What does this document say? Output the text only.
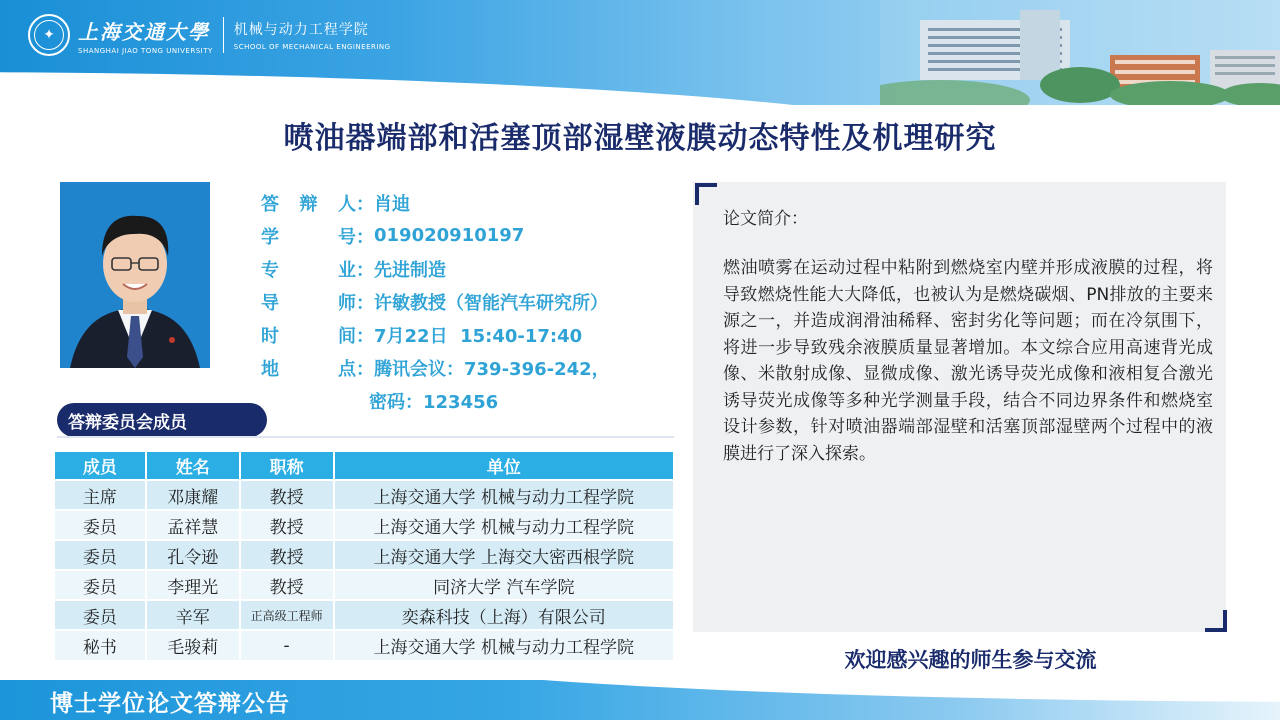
✦	上海交通大學
SHANGHAI JIAO TONG UNIVERSITY
机械与动力工程学院
SCHOOL OF MECHANICAL ENGINEERING
喷油器端部和活塞顶部湿壁液膜动态特性及机理研究
答 辩 人 ： 肖迪
学	号 ： 019020910197
专	业 ： 先进制造
导	师 ： 许敏教授（智能汽车研究所）
时	间 ： 7月22日  15:40-17:40
地	点 ： 腾讯会议：739-396-242，
密码：123456
答辩委员会成员
成员	姓名	职称	单位
主席	邓康耀	教授	上海交通大学 机械与动力工程学院
委员	孟祥慧	教授	上海交通大学 机械与动力工程学院
委员	孔令逊	教授	上海交通大学 上海交大密西根学院
委员	李理光	教授	同济大学 汽车学院
委员	辛军	正高级工程师	奕森科技（上海）有限公司
秘书	毛骏莉	-	上海交通大学 机械与动力工程学院
论文简介：
燃油喷雾在运动过程中粘附到燃烧室内壁并形成液膜的过程，将导致燃烧性能大大降低，也被认为是燃烧碳烟、PN排放的主要来源之一，并造成润滑油稀释、密封劣化等问题；而在冷氛围下，将进一步导致残余液膜质量显著增加。本文综合应用高速背光成像、米散射成像、显微成像、激光诱导荧光成像和液相复合激光诱导荧光成像等多种光学测量手段，结合不同边界条件和燃烧室设计参数，针对喷油器端部湿壁和活塞顶部湿壁两个过程中的液膜进行了深入探索。
欢迎感兴趣的师生参与交流
博士学位论文答辩公告
